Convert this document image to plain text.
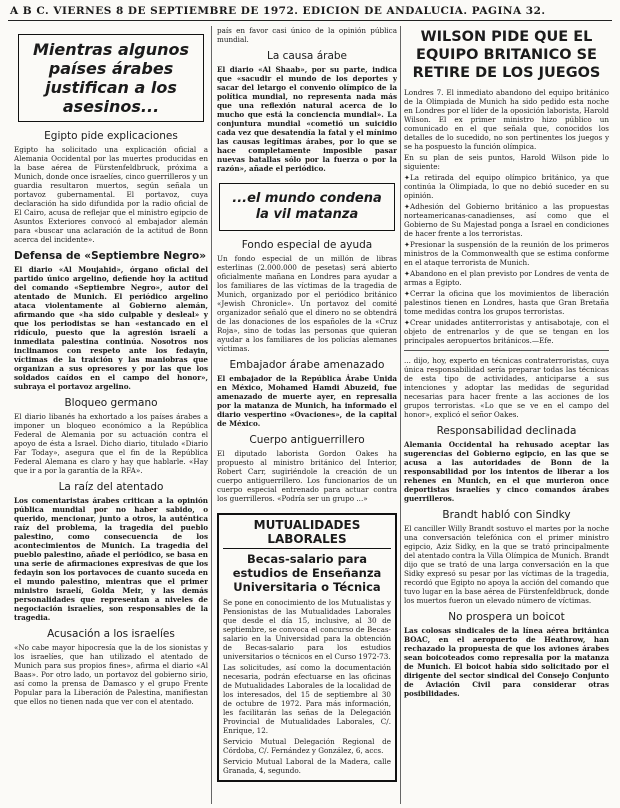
A B C. VIERNES 8 DE SEPTIEMBRE DE 1972. EDICION DE ANDALUCIA. PAGINA 32.
Mientras algunos países árabes justifican a los asesinos...
Egipto pide explicaciones

Egipto ha solicitado una explicación oficial a Alemania Occidental por las muertes producidas en la base aérea de Fürstenfeldbruck, próxima a Munich, donde once israelíes, cinco guerrilleros y un guardia resultaron muertos, según señala un portavoz gubernamental. El portavoz, cuya declaración ha sido difundida por la radio oficial de El Cairo, acusa de reflejar que el ministro egipcio de Asuntos Exteriores convocó al embajador alemán para «buscar una aclaración de la actitud de Bonn acerca del incidente».

Defensa de «Septiembre Negro»

El diario «Al Moujahid», órgano oficial del partido único argelino, defiende hoy la actitud del comando «Septiembre Negro», autor del atentado de Munich. El periódico argelino ataca violentamente al Gobierno alemán, afirmando que «ha sido culpable y desleal» y que los periodistas se han «estancado en el ridículo, puesto que la agresión israelí a inmediata palestina continúa. Nosotros nos inclinamos con respeto ante los fedayin, víctimas de la traición y las maniobras que organizan a sus opresores y por las que los soldados caídos en el campo del honor», subraya el portavoz argelino.

Bloqueo germano

El diario libanés ha exhortado a los países árabes a imponer un bloqueo económico a la República Federal de Alemania por su actuación contra el apoyo de ésta a Israel. Dicho diario, titulado «Diario Far Today», asegura que el fin de la República Federal Alemana es claro y hay que hablarle. «Hay que ir a por la garantía de la RFA».

La raíz del atentado

Los comentaristas árabes critican a la opinión pública mundial por no haber sabido, o querido, mencionar, junto a otros, la auténtica raíz del problema, la tragedia del pueblo palestino, como consecuencia de los acontecimientos de Munich. La tragedia del pueblo palestino, añade el periódico, se basa en una serie de afirmaciones expresivas de que los fedayin son los portavoces de cuanto suceda en el mundo palestino, mientras que el primer ministro israelí, Golda Meir, y las demás personalidades que representan a niveles de negociación israelíes, son responsables de la tragedia.

Acusación a los israelíes

«No cabe mayor hipocresía que la de los sionistas y los israelíes, que han utilizado el atentado de Munich para sus propios fines», afirma el diario «Al Baas». Por otro lado, un portavoz del gobierno sirio, así como la prensa de Damasco y el grupo Frente Popular para la Liberación de Palestina, manifiestan que ellos no tienen nada que ver con el atentado.

país en favor casi único de la opinión pública mundial.

La causa árabe

El diario «Al Shaab», por su parte, indica que «sacudir el mundo de los deportes y sacar del letargo el convenio olímpico de la política mundial, no representa nada más que una reflexión natural acerca de lo mucho que está la conciencia mundial». La conjuntura mundial «cometió un suicidio cada vez que desatendía la fatal y el mínimo las causas legítimas árabes, por lo que se hace completamente imposible pasar nuevas batallas sólo por la fuerza o por la razón», añade el periódico.

...el mundo condena la vil matanza
Fondo especial de ayuda

Un fondo especial de un millón de libras esterlinas (2.000.000 de pesetas) será abierto oficialmente mañana en Londres para ayudar a los familiares de las víctimas de la tragedia de Munich, organizado por el periódico británico «Jewish Chronicle». Un portavoz del comité organizador señaló que el dinero no se obtendrá de las donaciones de los españoles de la «Cruz Roja», sino de todas las personas que quieran ayudar a los familiares de los policías alemanes víctimas.

Embajador árabe amenazado

El embajador de la República Árabe Unida en México, Mohamed Hamdi Abuzeid, fue amenazado de muerte ayer, en represalia por la matanza de Munich, ha informado el diario vespertino «Ovaciones», de la capital de México.

Cuerpo antiguerrillero

El diputado laborista Gordon Oakes ha propuesto al ministro británico del Interior, Robert Carr, sugiriéndole la creación de un cuerpo antiguerrillero. Los funcionarios de un cuerpo especial entrenado para actuar contra los guerrilleros. «Podría ser un grupo ...»

MUTUALIDADES LABORALES
Becas-salario para estudios de Enseñanza Universitaria o Técnica

Se pone en conocimiento de los Mutualistas y Pensionistas de las Mutualidades Laborales que desde el día 15, inclusive, al 30 de septiembre, se convoca el concurso de Becas-salario en la Universidad para la obtención de Becas-salario para los estudios universitarios o técnicos en el Curso 1972-73.

Las solicitudes, así como la documentación necesaria, podrán efectuarse en las oficinas de Mutualidades Laborales de la localidad de los interesados, del 15 de septiembre al 30 de octubre de 1972. Para más información, les facilitarán las señas de la Delegación Provincial de Mutualidades Laborales, C/. Enrique, 12.

Servicio Mutual Delegación Regional de Córdoba, C/. Fernández y González, 6, accs.

Servicio Mutual Laboral de la Madera, calle Granada, 4, segundo.

WILSON PIDE QUE EL EQUIPO BRITANICO SE RETIRE DE LOS JUEGOS

Londres 7. El inmediato abandono del equipo británico de la Olimpiada de Munich ha sido pedido esta noche en Londres por el líder de la oposición laborista, Harold Wilson. El ex primer ministro hizo público un comunicado en el que señala que, conocidos los detalles de lo sucedido, no son pertinentes los juegos y se ha pospuesto la función olímpica.

En su plan de seis puntos, Harold Wilson pide lo siguiente:

✦ La retirada del equipo olímpico británico, ya que continúa la Olimpiada, lo que no debió suceder en su opinión.

✦ Adhesión del Gobierno británico a las propuestas norteamericanas-canadienses, así como que el Gobierno de Su Majestad ponga a Israel en condiciones de hacer frente a los terroristas.

✦ Presionar la suspensión de la reunión de los primeros ministros de la Commonwealth que se estima conforme en el ataque terrorista de Munich.

✦ Abandono en el plan previsto por Londres de venta de armas a Egipto.

✦ Cerrar la oficina que los movimientos de liberación palestinos tienen en Londres, hasta que Gran Bretaña tome medidas contra los grupos terroristas.

✦ Crear unidades antiterroristas y antisabotaje, con el objeto de entrenarlos y de que se tengan en los principales aeropuertos británicos.—Efe.

... dijo, hoy, experto en técnicas contraterroristas, cuya única responsabilidad sería preparar todas las técnicas de esta tipo de actividades, anticiparse a sus intenciones y adoptar las medidas de seguridad necesarias para hacer frente a las acciones de los grupos terroristas. «Lo que se ve en el campo del honor», explicó el señor Oakes.

Responsabilidad declinada

Alemania Occidental ha rehusado aceptar las sugerencias del Gobierno egipcio, en las que se acusa a las autoridades de Bonn de la responsabilidad por los intentos de liberar a los rehenes en Munich, en el que murieron once deportistas israelíes y cinco comandos árabes guerrilleros.

Brandt habló con Sindky

El canciller Willy Brandt sostuvo el martes por la noche una conversación telefónica con el primer ministro egipcio, Aziz Sidky, en la que se trató principalmente del atentado contra la Villa Olímpica de Munich. Brandt dijo que se trató de una larga conversación en la que Sidky expresó su pesar por las víctimas de la tragedia, recordó que Egipto no apoya la acción del comando que tuvo lugar en la base aérea de Fürstenfeldbruck, donde los muertos fueron un elevado número de víctimas.

No prospera un boicot

Las colosas sindicales de la línea aérea británica BOAC, en el aeropuerto de Heathrow, han rechazado la propuesta de que los aviones árabes sean boicoteados como represalia por la matanza de Munich. El boicot había sido solicitado por el dirigente del sector sindical del Consejo Conjunto de Aviación Civil para considerar otras posibilidades.
